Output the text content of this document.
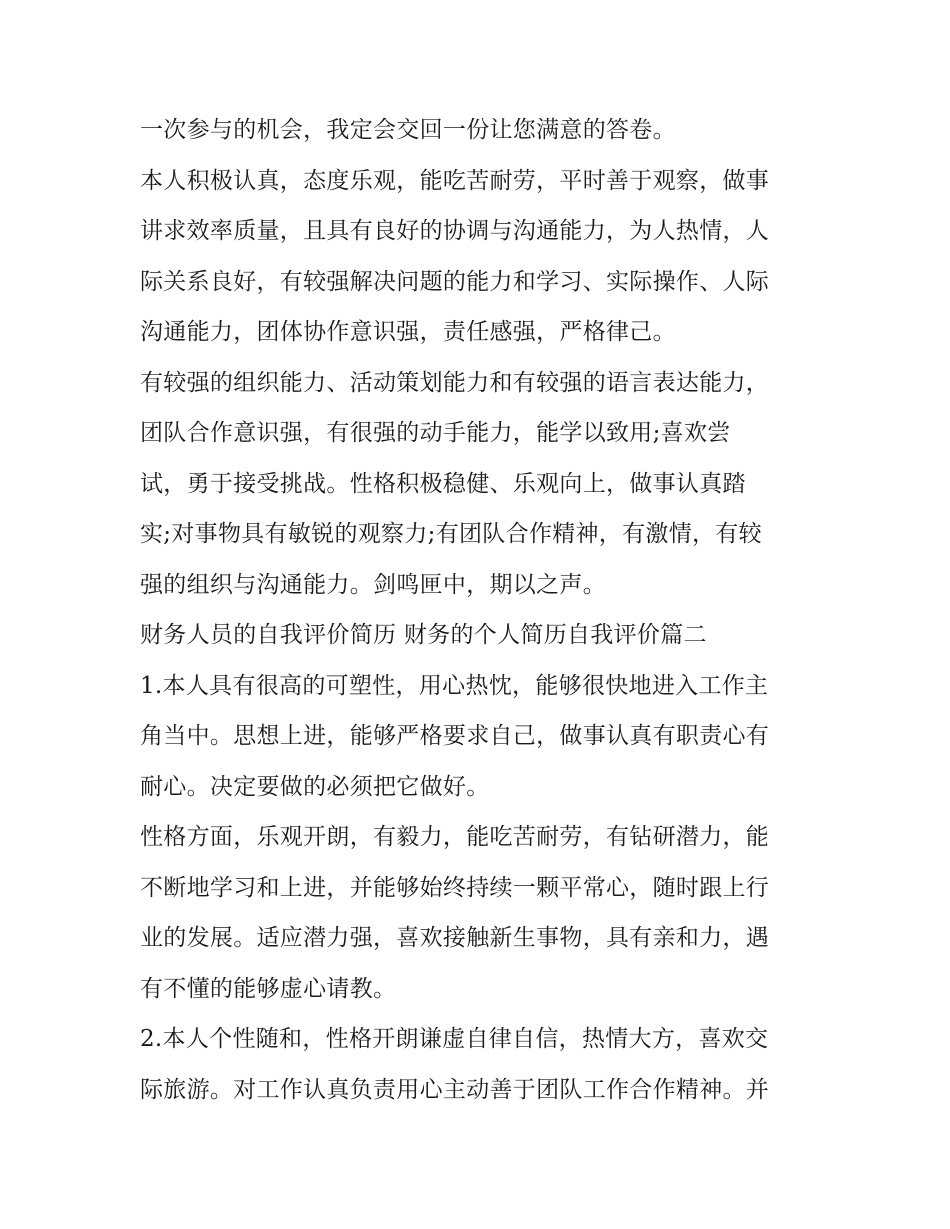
一次参与的机会，我定会交回一份让您满意的答卷。
本人积极认真，态度乐观，能吃苦耐劳，平时善于观察，做事
讲求效率质量，且具有良好的协调与沟通能力，为人热情，人
际关系良好，有较强解决问题的能力和学习、实际操作、人际
沟通能力，团体协作意识强，责任感强，严格律己。
有较强的组织能力、活动策划能力和有较强的语言表达能力，
团队合作意识强，有很强的动手能力，能学以致用;喜欢尝
试，勇于接受挑战。性格积极稳健、乐观向上，做事认真踏
实;对事物具有敏锐的观察力;有团队合作精神，有激情，有较
强的组织与沟通能力。剑鸣匣中，期以之声。
财务人员的自我评价简历 财务的个人简历自我评价篇二
1.本人具有很高的可塑性，用心热忱，能够很快地进入工作主
角当中。思想上进，能够严格要求自己，做事认真有职责心有
耐心。决定要做的必须把它做好。
性格方面，乐观开朗，有毅力，能吃苦耐劳，有钻研潜力，能
不断地学习和上进，并能够始终持续一颗平常心，随时跟上行
业的发展。适应潜力强，喜欢接触新生事物，具有亲和力，遇
有不懂的能够虚心请教。
2.本人个性随和，性格开朗谦虚自律自信，热情大方，喜欢交
际旅游。对工作认真负责用心主动善于团队工作合作精神。并
